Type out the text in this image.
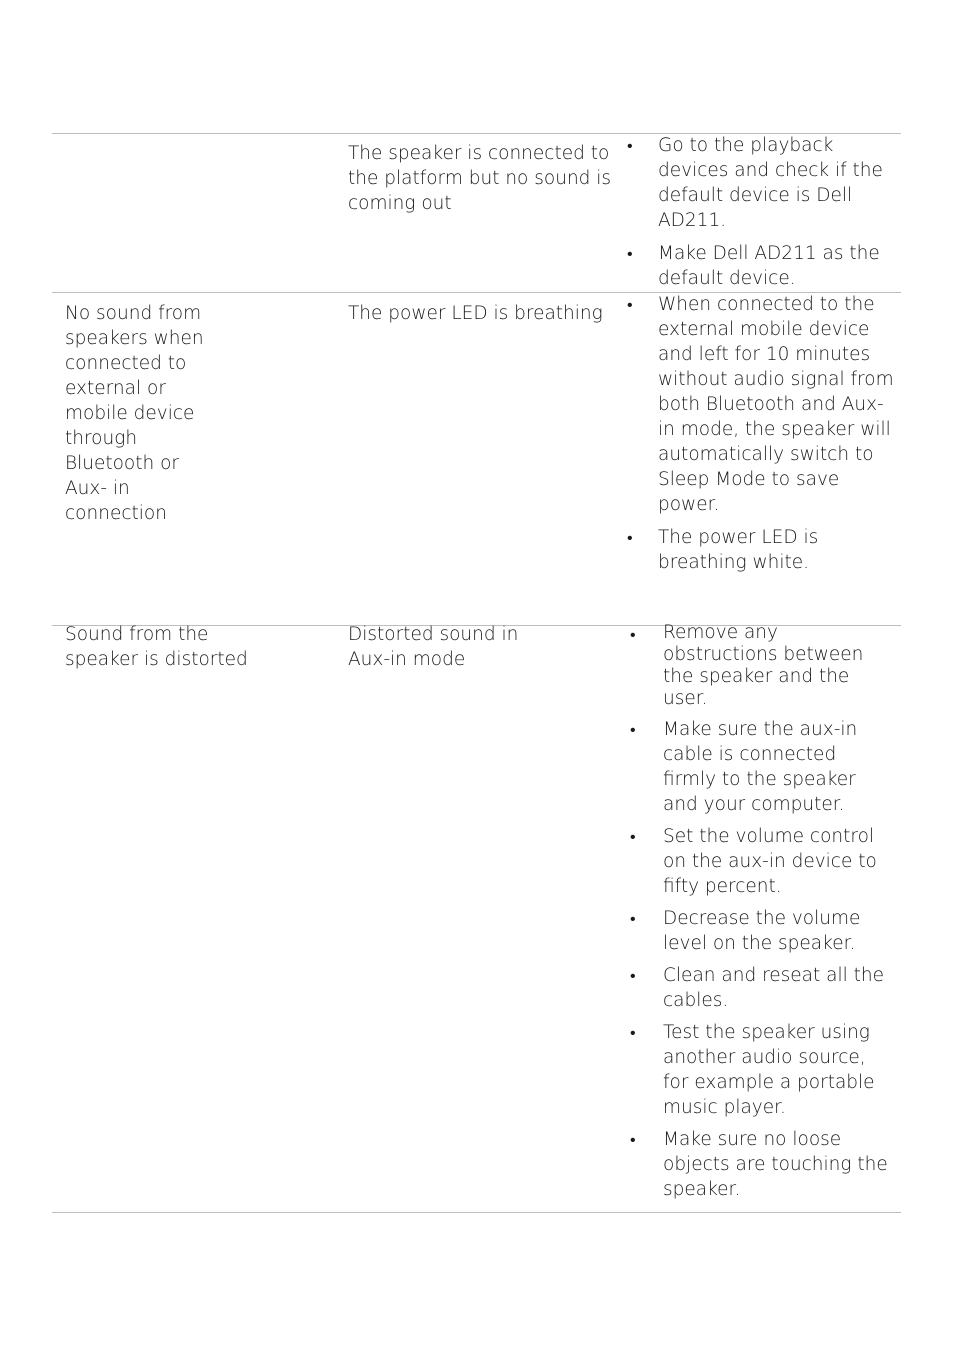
The speaker is connected to the platform but no sound is coming out
• Go to the playback devices and check if the default device is Dell AD211.
• Make Dell AD211 as the default device.
No sound from speakers when connected to external or mobile device through Bluetooth or Aux- in connection
The power LED is breathing	• When connected to the external mobile device and left for 10 minutes without audio signal from both Bluetooth and Aux-in mode, the speaker will automatically switch to Sleep Mode to save power.
• The power LED is breathing white.
Sound from the speaker is distorted
Distorted sound in Aux-in mode
• Remove any obstructions between the speaker and the user.
• Make sure the aux-in cable is connected firmly to the speaker and your computer.
• Set the volume control on the aux-in device to fifty percent.
• Decrease the volume level on the speaker.
• Clean and reseat all the cables.
• Test the speaker using another audio source, for example a portable music player.
• Make sure no loose objects are touching the speaker.
